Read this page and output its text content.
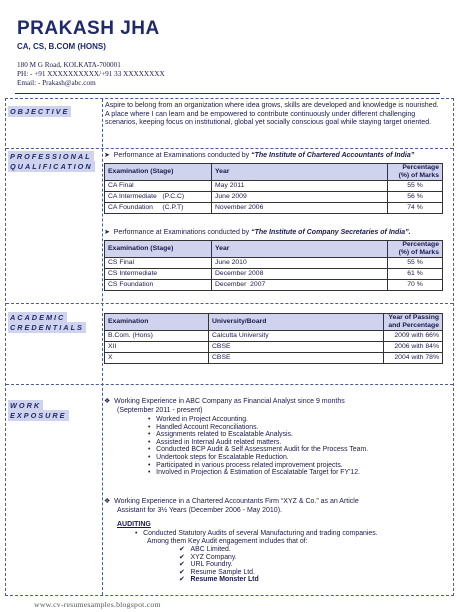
PRAKASH JHA
CA, CS, B.COM (HONS)
180 M G Road, KOLKATA-700001
PH: - +91 XXXXXXXXXX/+91 33 XXXXXXXX
Email: - Prakash@abc.com
OBJECTIVE
Aspire to belong from an organization where idea grows, skills are developed and knowledge is nourished. A place where I can learn and be empowered to contribute continuously under different challenging scenarios, keeping focus on institutional, global yet socially conscious goal while staying target oriented.
PROFESSIONAL
QUALIFICATION
➤ Performance at Examinations conducted by “The Institute of Chartered Accountants of India”
Examination (Stage)	Year	Percentage (%) of Marks
CA Final	May 2011	55 %
CA Intermediate   (P.C.C)	June 2009	56 %
CA Foundation     (C.P.T)	November 2006	74 %
➤ Performance at Examinations conducted by “The Institute of Company Secretaries of India”.
Examination (Stage)	Year	Percentage (%) of Marks
CS Final	June 2010	55 %
CS Intermediate	December 2008	61 %
CS Foundation	December  2007	70 %
ACADEMIC
CREDENTIALS
Examination	University/Board	Year of Passing and Percentage
B.Com. (Hons)	Calcutta University	2009 with 66%
XII	CBSE	2006 with 84%
X	CBSE	2004 with 78%
WORK
EXPOSURE
❖ Working Experience in ABC Company as Financial Analyst since 9 months
(September 2011 - present)
• Worked in Project Accounting.
• Handled Account Reconciliations.
• Assignments related to Escalatable Analysis.
• Assisted in Internal Audit related matters.
• Conducted BCP Audit & Self Assessment Audit for the Process Team.
• Undertook steps for Escalatable Reduction.
• Participated in various process related improvement projects.
• Involved in Projection & Estimation of Escalatable Target for FY'12.
❖ Working Experience in a Chartered Accountants Firm “XYZ & Co.” as an Article
Assistant for 3½ Years (December 2006 - May 2010).
AUDITING
• Conducted Statutory Audits of several Manufacturing and trading companies.
Among them Key Audit engagement includes that of:
✔ ABC Limited.
✔ XYZ Company.
✔ URL Foundry.
✔ Resume Sample Ltd.
✔ Resume Monster Ltd
www.cv-resumesamples.blogspot.com
